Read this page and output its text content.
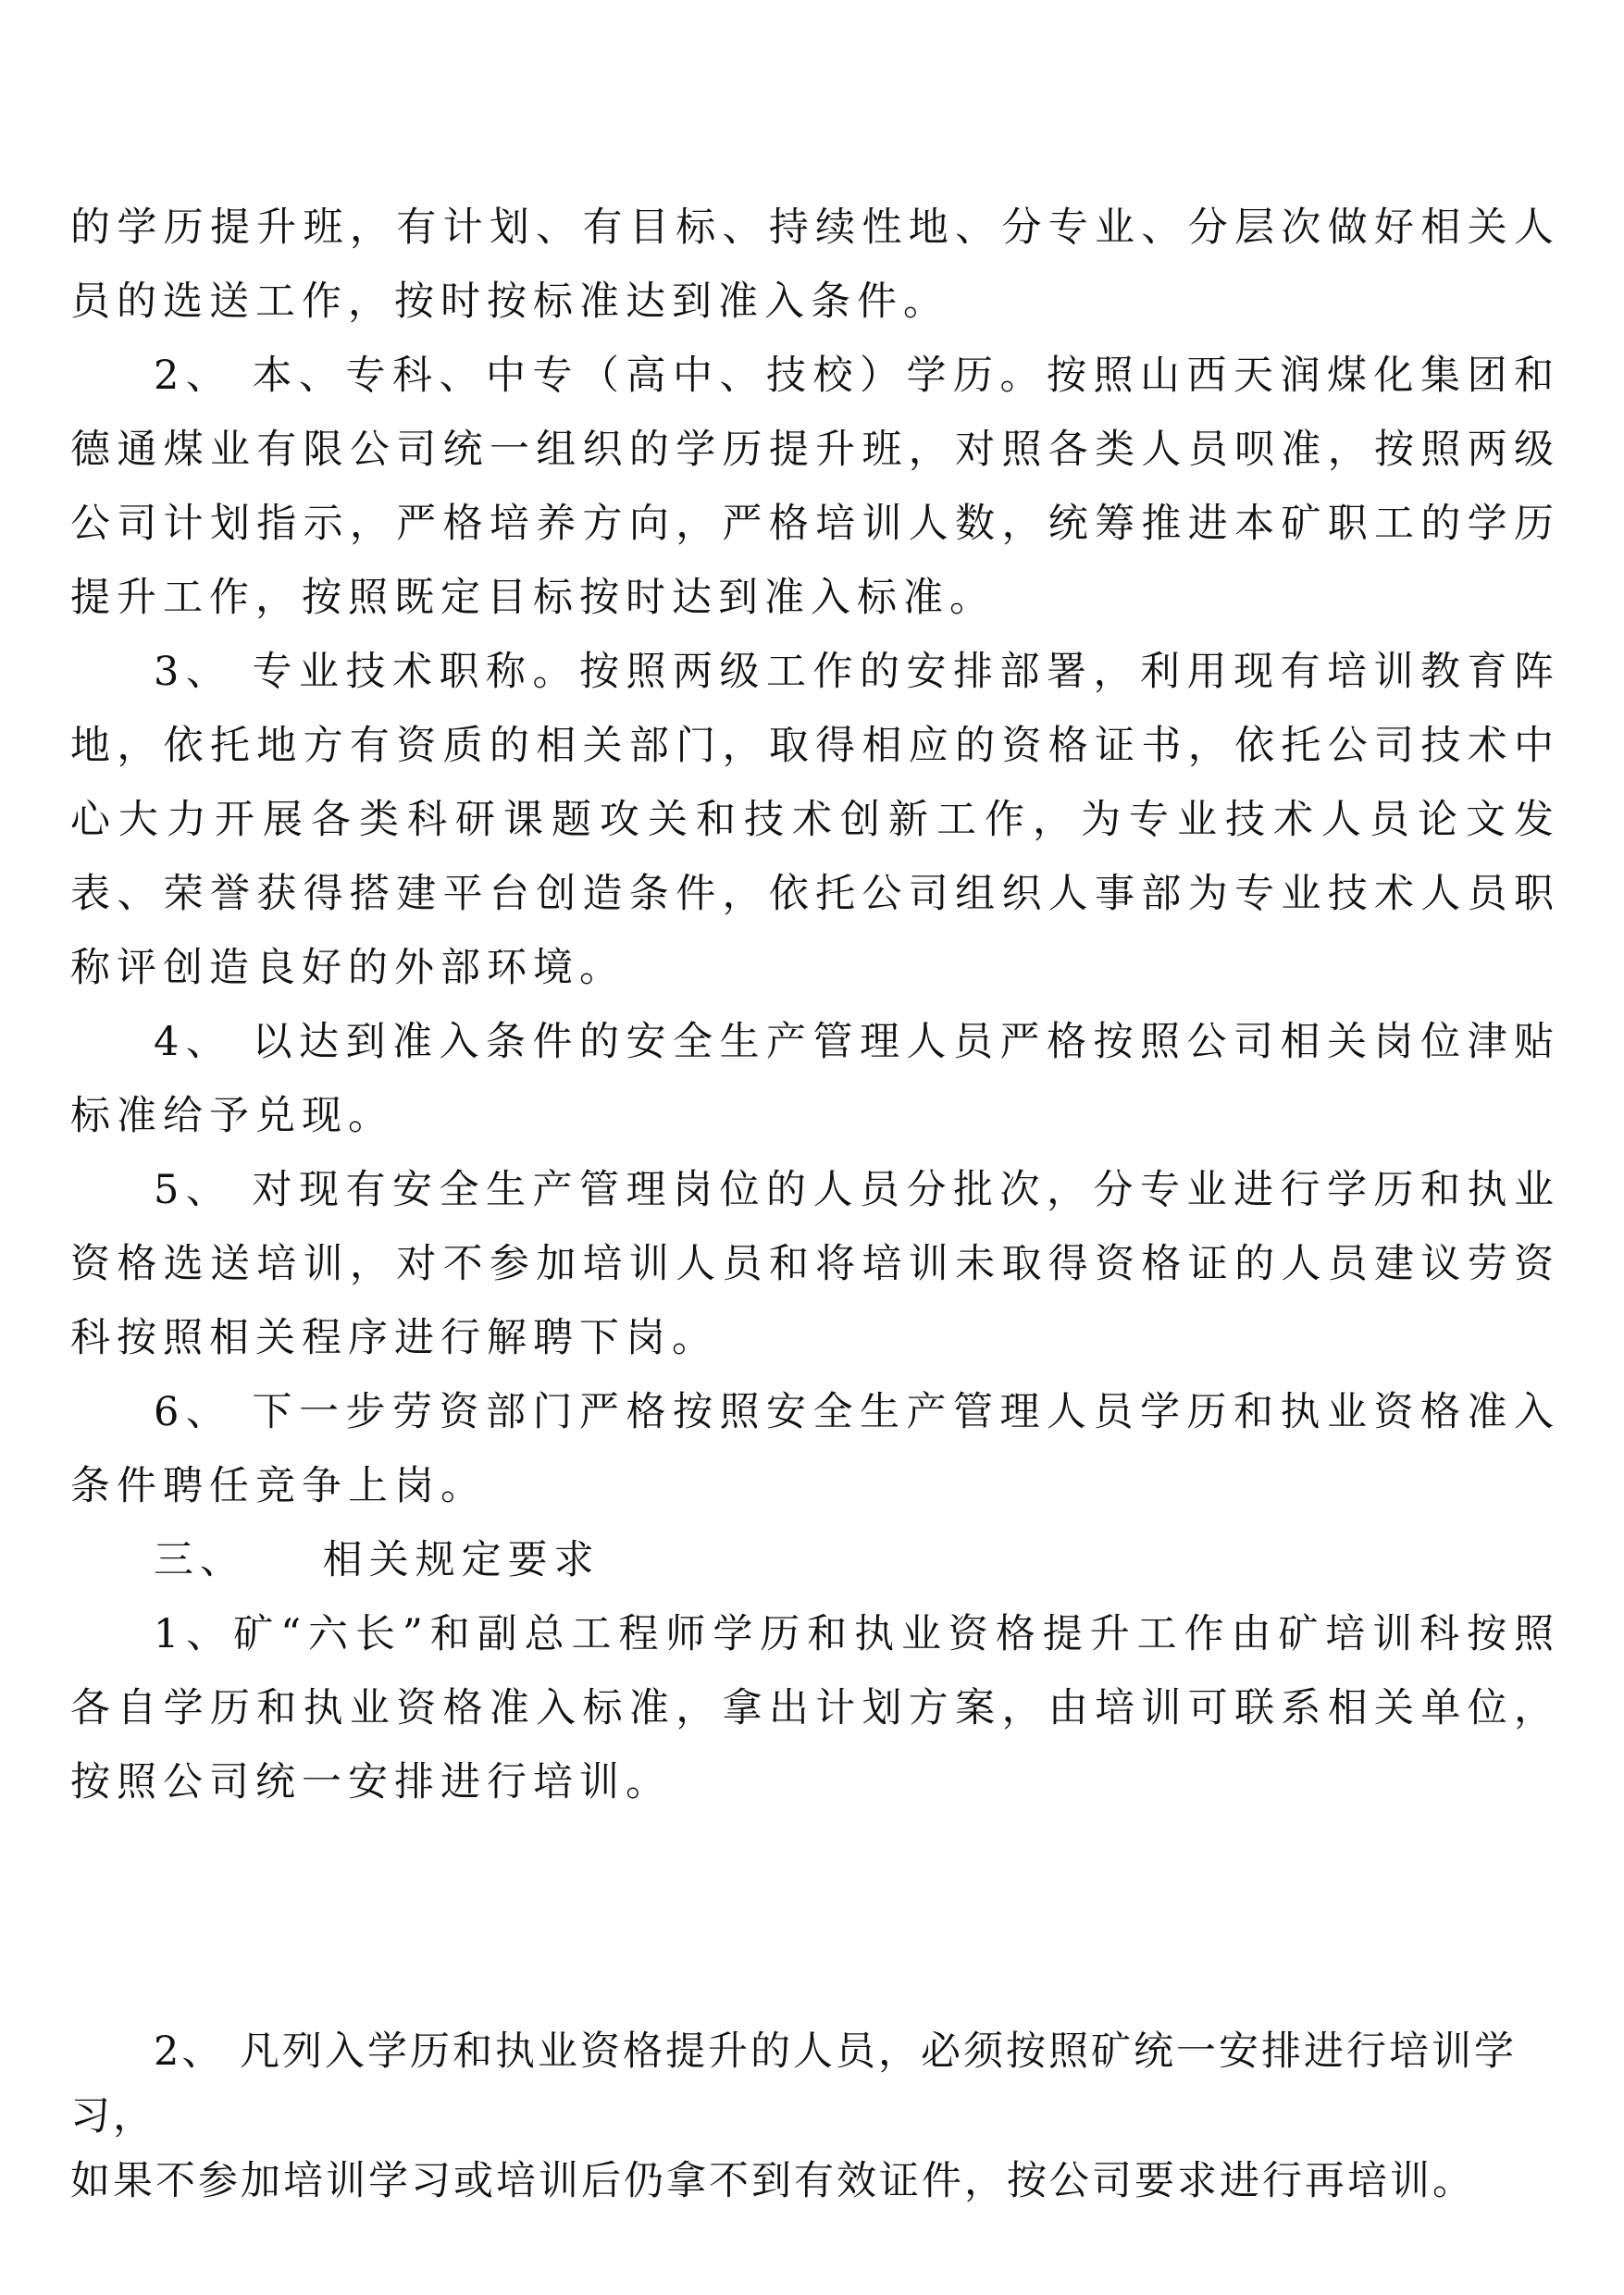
的学历提升班，有计划、有目标、持续性地、分专业、分层次做好相关人员的选送工作，按时按标准达到准入条件。

2、 本、专科、中专（高中、技校）学历。按照山西天润煤化集团和德通煤业有限公司统一组织的学历提升班，对照各类人员呗准，按照两级公司计划指示，严格培养方向，严格培训人数，统筹推进本矿职工的学历提升工作，按照既定目标按时达到准入标准。

3、 专业技术职称。按照两级工作的安排部署，利用现有培训教育阵地，依托地方有资质的相关部门，取得相应的资格证书，依托公司技术中心大力开展各类科研课题攻关和技术创新工作，为专业技术人员论文发表、荣誉获得搭建平台创造条件，依托公司组织人事部为专业技术人员职称评创造良好的外部环境。

4、 以达到准入条件的安全生产管理人员严格按照公司相关岗位津贴标准给予兑现。

5、 对现有安全生产管理岗位的人员分批次，分专业进行学历和执业资格选送培训，对不参加培训人员和将培训未取得资格证的人员建议劳资科按照相关程序进行解聘下岗。

6、 下一步劳资部门严格按照安全生产管理人员学历和执业资格准入条件聘任竞争上岗。

三、    相关规定要求

1、矿“六长”和副总工程师学历和执业资格提升工作由矿培训科按照各自学历和执业资格准入标准，拿出计划方案，由培训可联系相关单位，按照公司统一安排进行培训。

2、 凡列入学历和执业资格提升的人员，必须按照矿统一安排进行培训学习，

如果不参加培训学习或培训后仍拿不到有效证件，按公司要求进行再培训。
